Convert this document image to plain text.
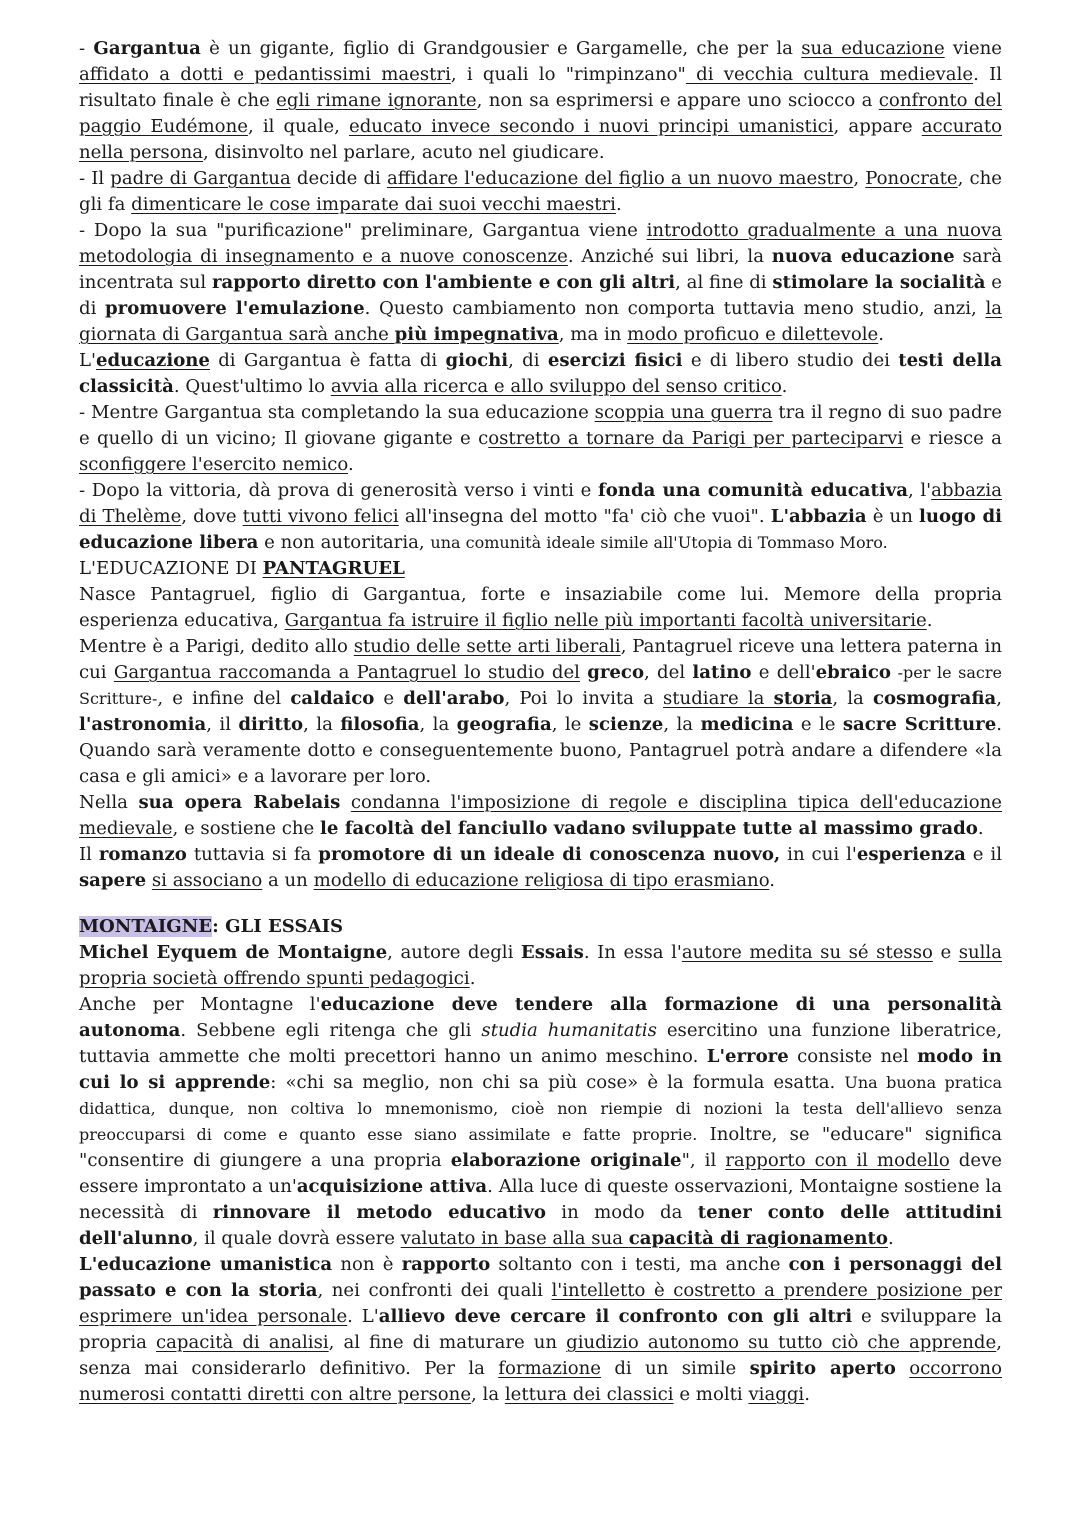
- Gargantua è un gigante, figlio di Grandgousier e Gargamelle, che per la sua educazione viene affidato a dotti e pedantissimi maestri, i quali lo "rimpinzano" di vecchia cultura medievale. Il risultato finale è che egli rimane ignorante, non sa esprimersi e appare uno sciocco a confronto del paggio Eudémone, il quale, educato invece secondo i nuovi principi umanistici, appare accurato nella persona, disinvolto nel parlare, acuto nel giudicare.

- Il padre di Gargantua decide di affidare l'educazione del figlio a un nuovo maestro, Ponocrate, che gli fa dimenticare le cose imparate dai suoi vecchi maestri.

- Dopo la sua "purificazione" preliminare, Gargantua viene introdotto gradualmente a una nuova metodologia di insegnamento e a nuove conoscenze. Anziché sui libri, la nuova educazione sarà incentrata sul rapporto diretto con l'ambiente e con gli altri, al fine di stimolare la socialità e di promuovere l'emulazione. Questo cambiamento non comporta tuttavia meno studio, anzi, la giornata di Gargantua sarà anche più impegnativa, ma in modo proficuo e dilettevole.

L'educazione di Gargantua è fatta di giochi, di esercizi fisici e di libero studio dei testi della classicità. Quest'ultimo lo avvia alla ricerca e allo sviluppo del senso critico.

- Mentre Gargantua sta completando la sua educazione scoppia una guerra tra il regno di suo padre e quello di un vicino; Il giovane gigante e costretto a tornare da Parigi per parteciparvi e riesce a sconfiggere l'esercito nemico.

- Dopo la vittoria, dà prova di generosità verso i vinti e fonda una comunità educativa, l'abbazia di Thelème, dove tutti vivono felici all'insegna del motto "fa' ciò che vuoi". L'abbazia è un luogo di educazione libera e non autoritaria, una comunità ideale simile all'Utopia di Tommaso Moro.

L'EDUCAZIONE DI PANTAGRUEL

Nasce Pantagruel, figlio di Gargantua, forte e insaziabile come lui. Memore della propria esperienza educativa, Gargantua fa istruire il figlio nelle più importanti facoltà universitarie.

Mentre è a Parigi, dedito allo studio delle sette arti liberali, Pantagruel riceve una lettera paterna in cui Gargantua raccomanda a Pantagruel lo studio del greco, del latino e dell'ebraico -per le sacre Scritture-, e infine del caldaico e dell'arabo, Poi lo invita a studiare la storia, la cosmografia, l'astronomia, il diritto, la filosofia, la geografia, le scienze, la medicina e le sacre Scritture. Quando sarà veramente dotto e conseguentemente buono, Pantagruel potrà andare a difendere «la casa e gli amici» e a lavorare per loro.

Nella sua opera Rabelais condanna l'imposizione di regole e disciplina tipica dell'educazione medievale, e sostiene che le facoltà del fanciullo vadano sviluppate tutte al massimo grado.

Il romanzo tuttavia si fa promotore di un ideale di conoscenza nuovo, in cui l'esperienza e il sapere si associano a un modello di educazione religiosa di tipo erasmiano.

MONTAIGNE: GLI ESSAIS

Michel Eyquem de Montaigne, autore degli Essais. In essa l'autore medita su sé stesso e sulla propria società offrendo spunti pedagogici.

Anche per Montagne l'educazione deve tendere alla formazione di una personalità autonoma. Sebbene egli ritenga che gli studia humanitatis esercitino una funzione liberatrice, tuttavia ammette che molti precettori hanno un animo meschino. L'errore consiste nel modo in cui lo si apprende: «chi sa meglio, non chi sa più cose» è la formula esatta. Una buona pratica didattica, dunque, non coltiva lo mnemonismo, cioè non riempie di nozioni la testa dell'allievo senza preoccuparsi di come e quanto esse siano assimilate e fatte proprie. Inoltre, se "educare" significa "consentire di giungere a una propria elaborazione originale", il rapporto con il modello deve essere improntato a un'acquisizione attiva. Alla luce di queste osservazioni, Montaigne sostiene la necessità di rinnovare il metodo educativo in modo da tener conto delle attitudini dell'alunno, il quale dovrà essere valutato in base alla sua capacità di ragionamento.

L'educazione umanistica non è rapporto soltanto con i testi, ma anche con i personaggi del passato e con la storia, nei confronti dei quali l'intelletto è costretto a prendere posizione per esprimere un'idea personale. L'allievo deve cercare il confronto con gli altri e sviluppare la propria capacità di analisi, al fine di maturare un giudizio autonomo su tutto ciò che apprende, senza mai considerarlo definitivo. Per la formazione di un simile spirito aperto occorrono numerosi contatti diretti con altre persone, la lettura dei classici e molti viaggi.
